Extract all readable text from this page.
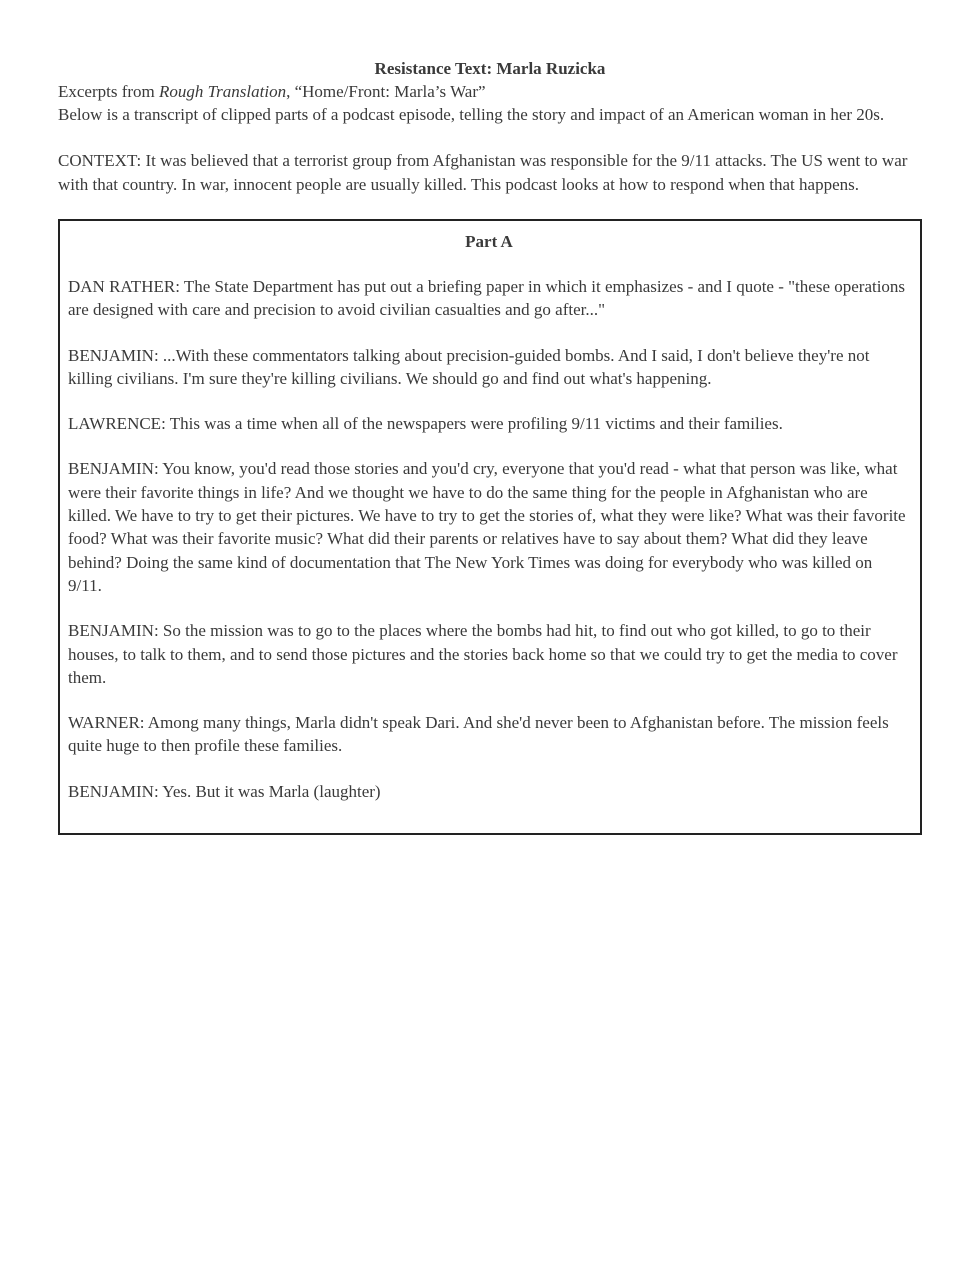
Resistance Text: Marla Ruzicka

Excerpts from Rough Translation, “Home/Front: Marla’s War”

Below is a transcript of clipped parts of a podcast episode, telling the story and impact of an American woman in her 20s.

CONTEXT: It was believed that a terrorist group from Afghanistan was responsible for the 9/11 attacks. The US went to war with that country. In war, innocent people are usually killed. This podcast looks at how to respond when that happens.

Part A

DAN RATHER: The State Department has put out a briefing paper in which it emphasizes - and I quote - "these operations are designed with care and precision to avoid civilian casualties and go after..."

BENJAMIN: ...With these commentators talking about precision-guided bombs. And I said, I don't believe they're not killing civilians. I'm sure they're killing civilians. We should go and find out what's happening.

LAWRENCE: This was a time when all of the newspapers were profiling 9/11 victims and their families.

BENJAMIN: You know, you'd read those stories and you'd cry, everyone that you'd read - what that person was like, what were their favorite things in life? And we thought we have to do the same thing for the people in Afghanistan who are killed. We have to try to get their pictures. We have to try to get the stories of, what they were like? What was their favorite food? What was their favorite music? What did their parents or relatives have to say about them? What did they leave behind? Doing the same kind of documentation that The New York Times was doing for everybody who was killed on 9/11.

BENJAMIN: So the mission was to go to the places where the bombs had hit, to find out who got killed, to go to their houses, to talk to them, and to send those pictures and the stories back home so that we could try to get the media to cover them.

WARNER: Among many things, Marla didn't speak Dari. And she'd never been to Afghanistan before. The mission feels quite huge to then profile these families.

BENJAMIN: Yes. But it was Marla (laughter)
